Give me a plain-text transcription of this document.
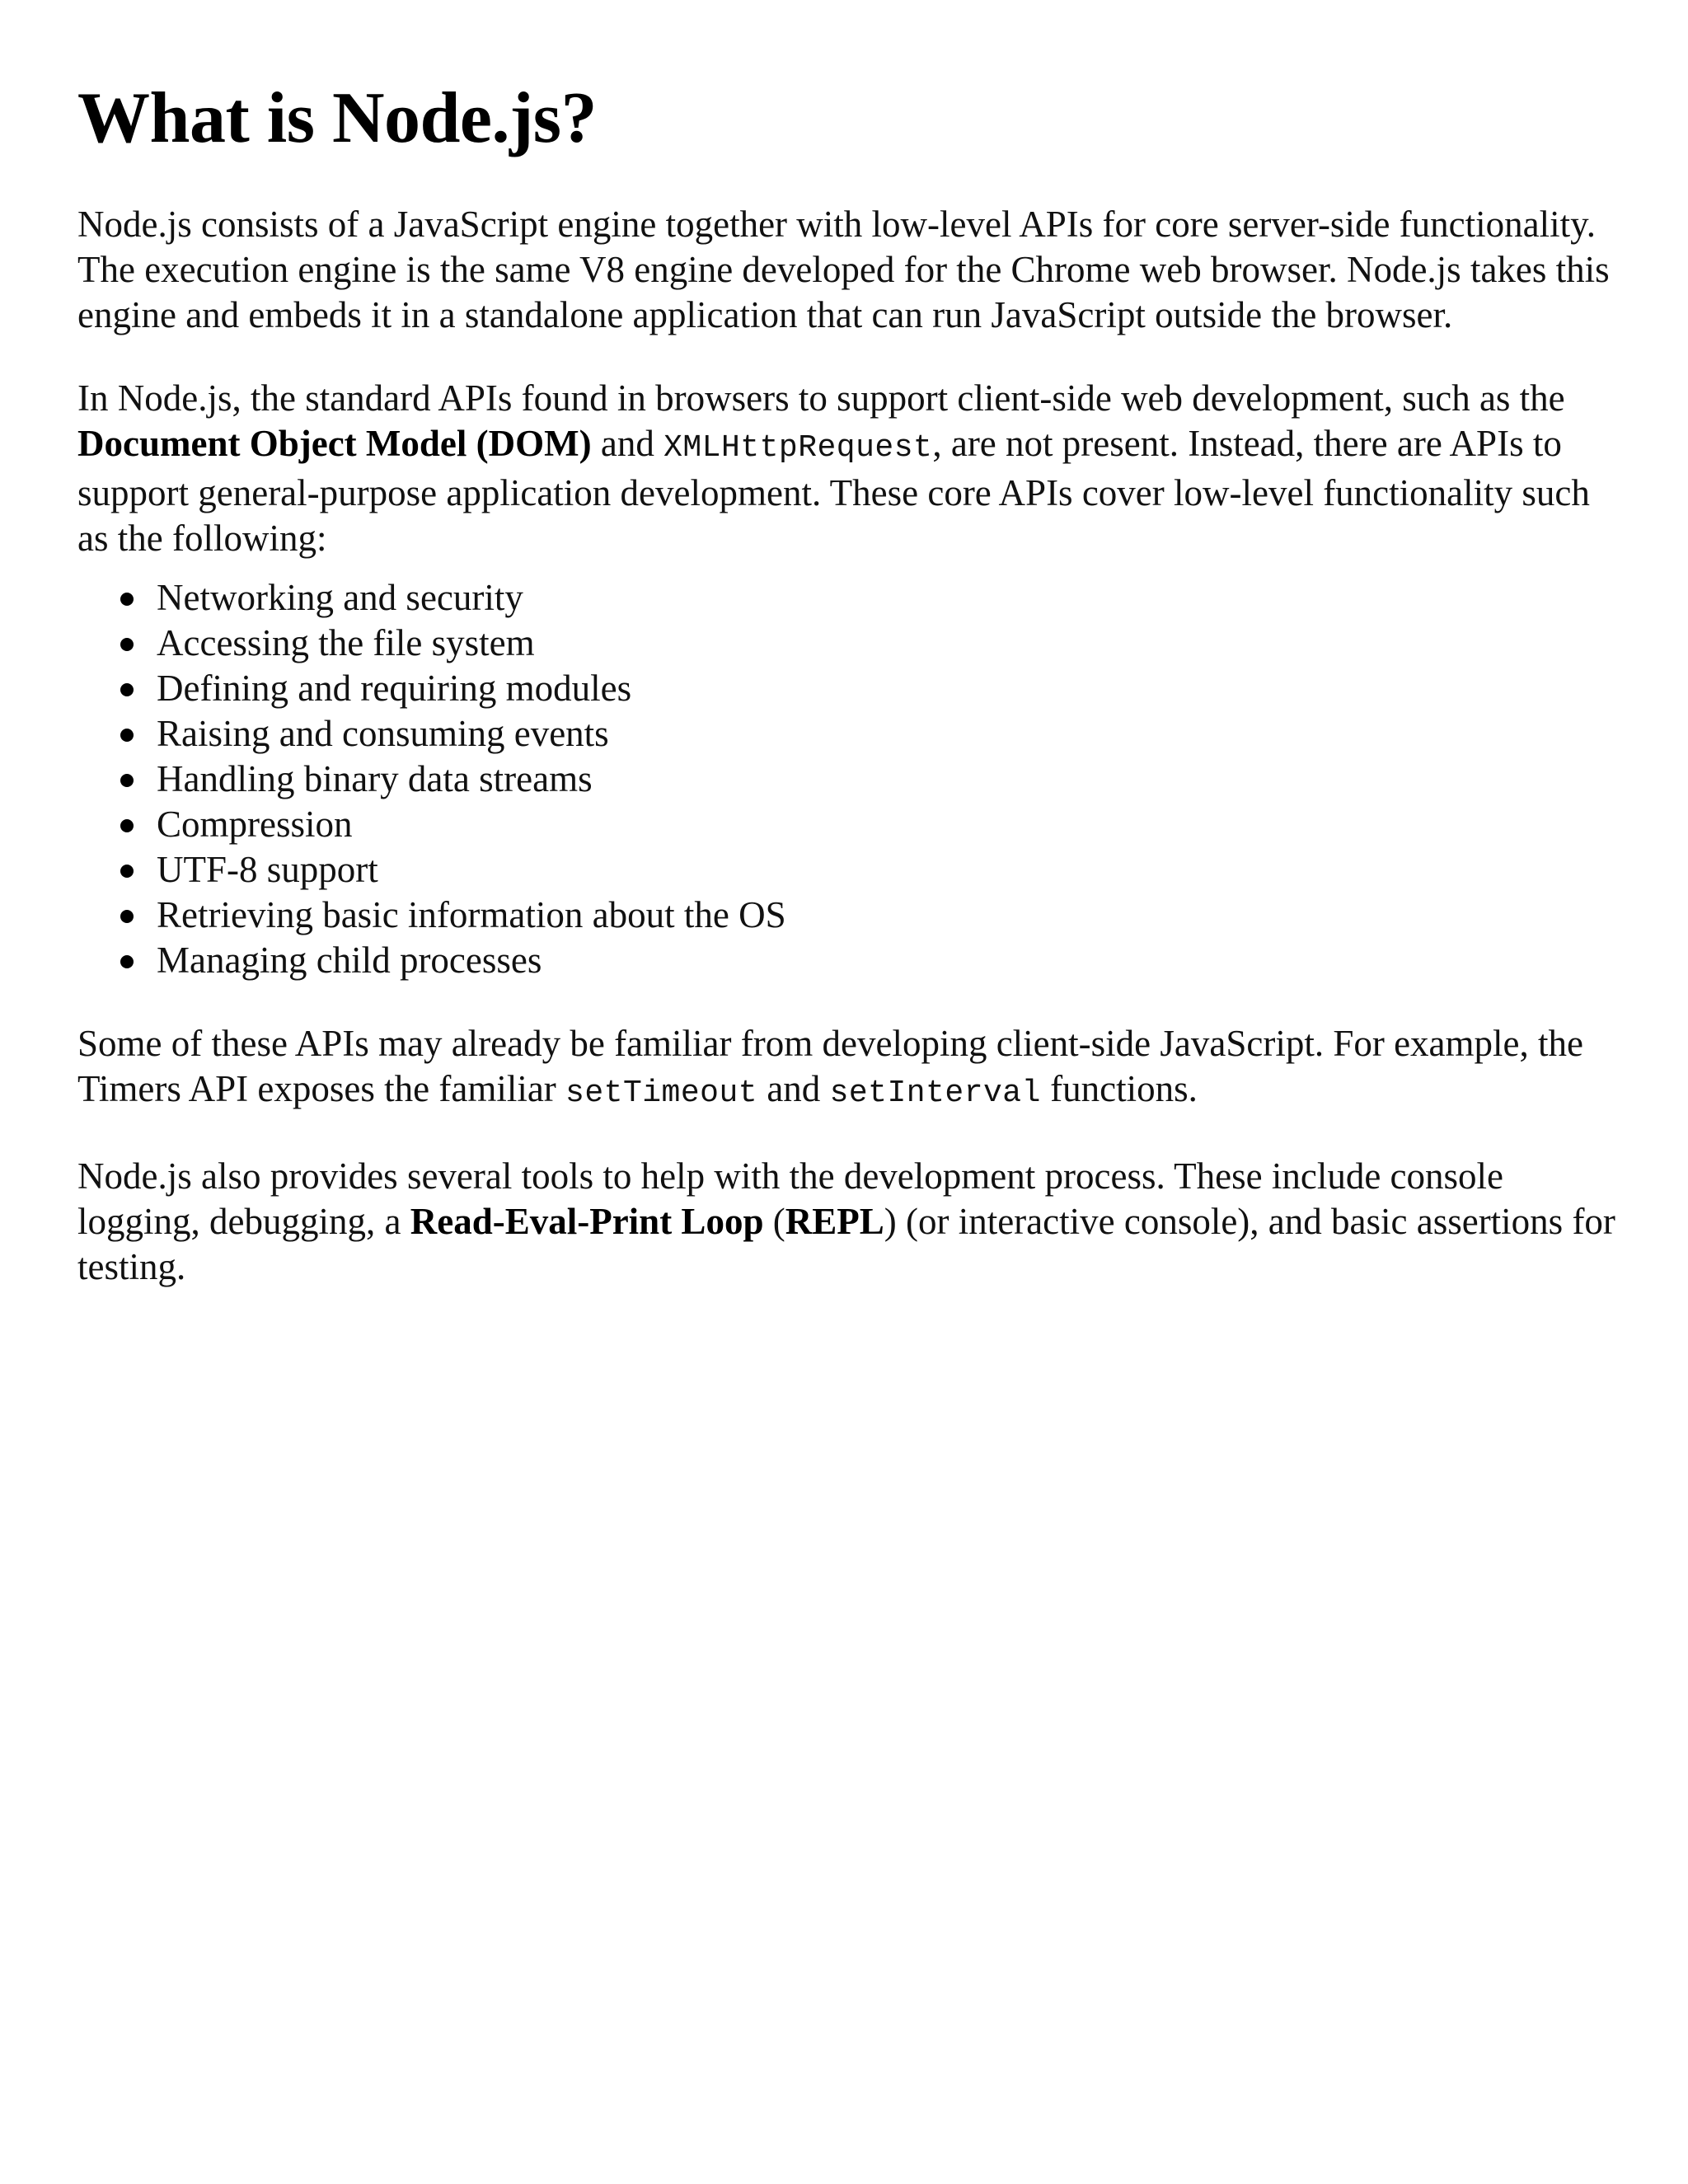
What is Node.js?

Node.js consists of a JavaScript engine together with low-level APIs for core server-side functionality. The execution engine is the same V8 engine developed for the Chrome web browser. Node.js takes this engine and embeds it in a standalone application that can run JavaScript outside the browser.

In Node.js, the standard APIs found in browsers to support client-side web development, such as the Document Object Model (DOM) and XMLHttpRequest, are not present. Instead, there are APIs to support general-purpose application development. These core APIs cover low-level functionality such as the following:

Networking and security
Accessing the file system
Defining and requiring modules
Raising and consuming events
Handling binary data streams
Compression
UTF-8 support
Retrieving basic information about the OS
Managing child processes

Some of these APIs may already be familiar from developing client-side JavaScript. For example, the Timers API exposes the familiar setTimeout and setInterval functions.

Node.js also provides several tools to help with the development process. These include console logging, debugging, a Read-Eval-Print Loop (REPL) (or interactive console), and basic assertions for testing.
